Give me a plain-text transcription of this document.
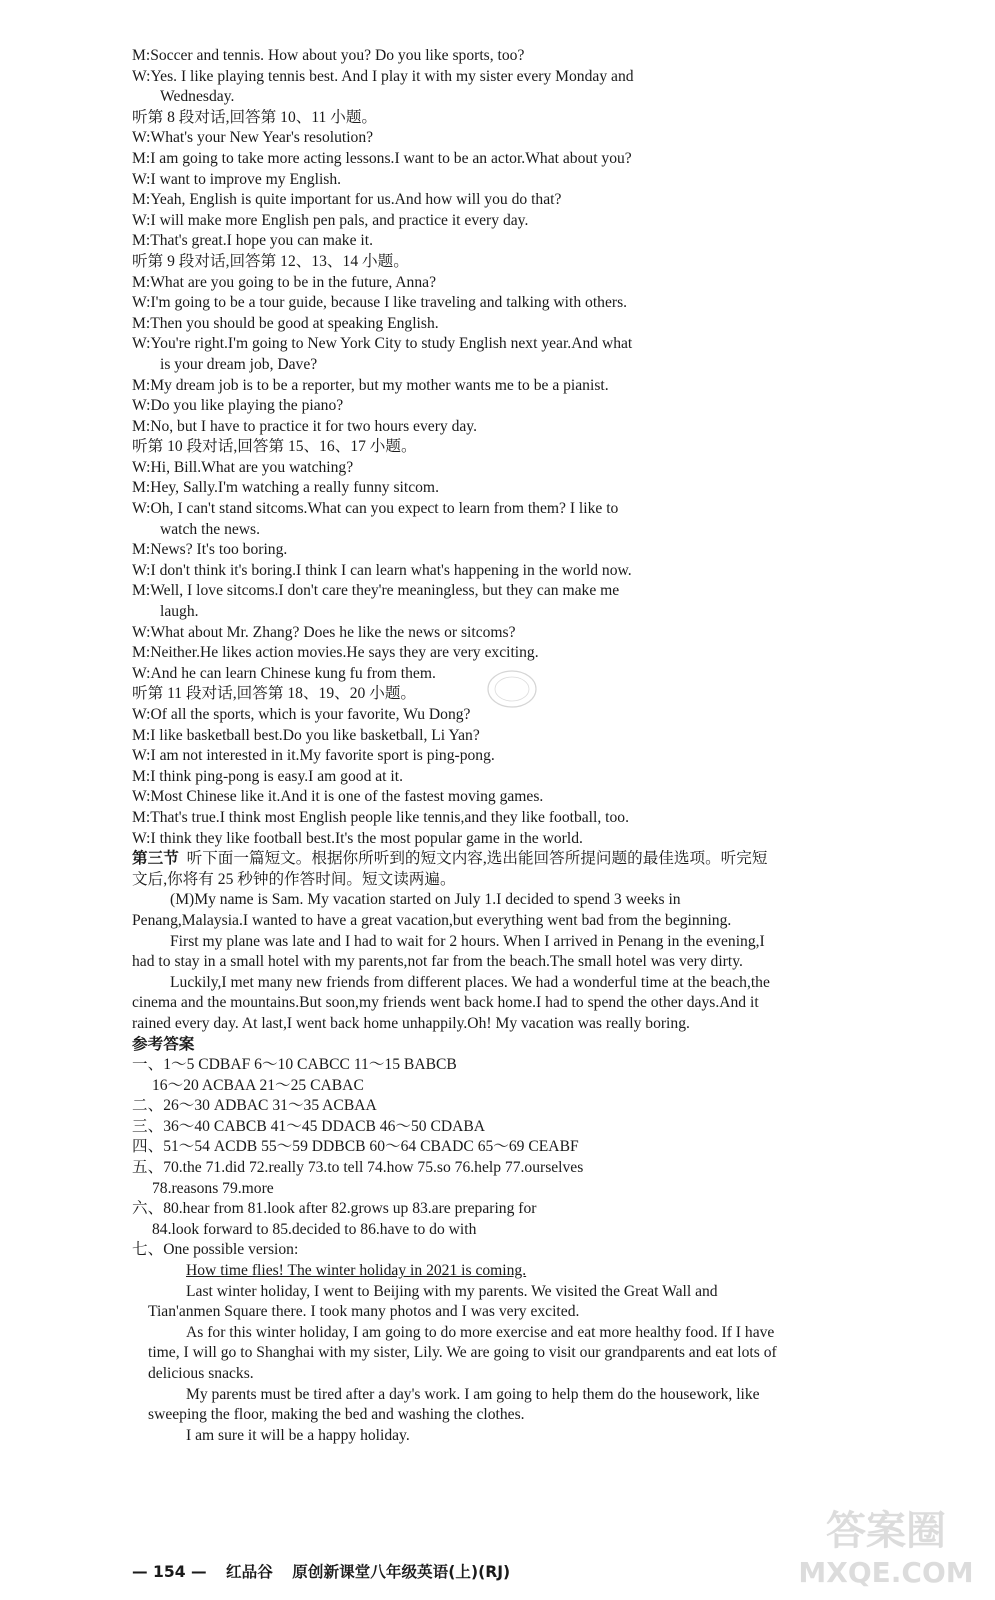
M:Soccer and tennis. How about you? Do you like sports, too?
W:Yes. I like playing tennis best. And I play it with my sister every Monday and
Wednesday.
听第 8 段对话,回答第 10、11 小题。
W:What's your New Year's resolution?
M:I am going to take more acting lessons.I want to be an actor.What about you?
W:I want to improve my English.
M:Yeah, English is quite important for us.And how will you do that?
W:I will make more English pen pals, and practice it every day.
M:That's great.I hope you can make it.
听第 9 段对话,回答第 12、13、14 小题。
M:What are you going to be in the future, Anna?
W:I'm going to be a tour guide, because I like traveling and talking with others.
M:Then you should be good at speaking English.
W:You're right.I'm going to New York City to study English next year.And what
is your dream job, Dave?
M:My dream job is to be a reporter, but my mother wants me to be a pianist.
W:Do you like playing the piano?
M:No, but I have to practice it for two hours every day.
听第 10 段对话,回答第 15、16、17 小题。
W:Hi, Bill.What are you watching?
M:Hey, Sally.I'm watching a really funny sitcom.
W:Oh, I can't stand sitcoms.What can you expect to learn from them? I like to
watch the news.
M:News? It's too boring.
W:I don't think it's boring.I think I can learn what's happening in the world now.
M:Well, I love sitcoms.I don't care they're meaningless, but they can make me
laugh.
W:What about Mr. Zhang? Does he like the news or sitcoms?
M:Neither.He likes action movies.He says they are very exciting.
W:And he can learn Chinese kung fu from them.
听第 11 段对话,回答第 18、19、20 小题。
W:Of all the sports, which is your favorite, Wu Dong?
M:I like basketball best.Do you like basketball, Li Yan?
W:I am not interested in it.My favorite sport is ping-pong.
M:I think ping-pong is easy.I am good at it.
W:Most Chinese like it.And it is one of the fastest moving games.
M:That's true.I think most English people like tennis,and they like football, too.
W:I think they like football best.It's the most popular game in the world.
第三节 听下面一篇短文。根据你所听到的短文内容,选出能回答所提问题的最佳选项。听完短文后,你将有 25 秒钟的作答时间。短文读两遍。

(M)My name is Sam. My vacation started on July 1.I decided to spend 3 weeks in Penang,Malaysia.I wanted to have a great vacation,but everything went bad from the beginning.

First my plane was late and I had to wait for 2 hours. When I arrived in Penang in the evening,I had to stay in a small hotel with my parents,not far from the beach.The small hotel was very dirty.

Luckily,I met many new friends from different places. We had a wonderful time at the beach,the cinema and the mountains.But soon,my friends went back home.I had to spend the other days.And it rained every day. At last,I went back home unhappily.Oh! My vacation was really boring.

参考答案
一、1～5 CDBAF 6～10 CABCC 11～15 BABCB
16～20 ACBAA 21～25 CABAC
二、26～30 ADBAC 31～35 ACBAA
三、36～40 CABCB 41～45 DDACB 46～50 CDABA
四、51～54 ACDB 55～59 DDBCB 60～64 CBADC 65～69 CEABF
五、70.the 71.did 72.really 73.to tell 74.how 75.so 76.help 77.ourselves
78.reasons 79.more
六、80.hear from 81.look after 82.grows up 83.are preparing for
84.look forward to 85.decided to 86.have to do with
七、One possible version:
How time flies! The winter holiday in 2021 is coming.

Last winter holiday, I went to Beijing with my parents. We visited the Great Wall and Tian'anmen Square there. I took many photos and I was very excited.

As for this winter holiday, I am going to do more exercise and eat more healthy food. If I have time, I will go to Shanghai with my sister, Lily. We are going to visit our grandparents and eat lots of delicious snacks.

My parents must be tired after a day's work. I am going to help them do the housework, like sweeping the floor, making the bed and washing the clothes.

I am sure it will be a happy holiday.

— 154 — 红品谷 原创新课堂八年级英语(上)(RJ)
答案圈
MXQE.COM
